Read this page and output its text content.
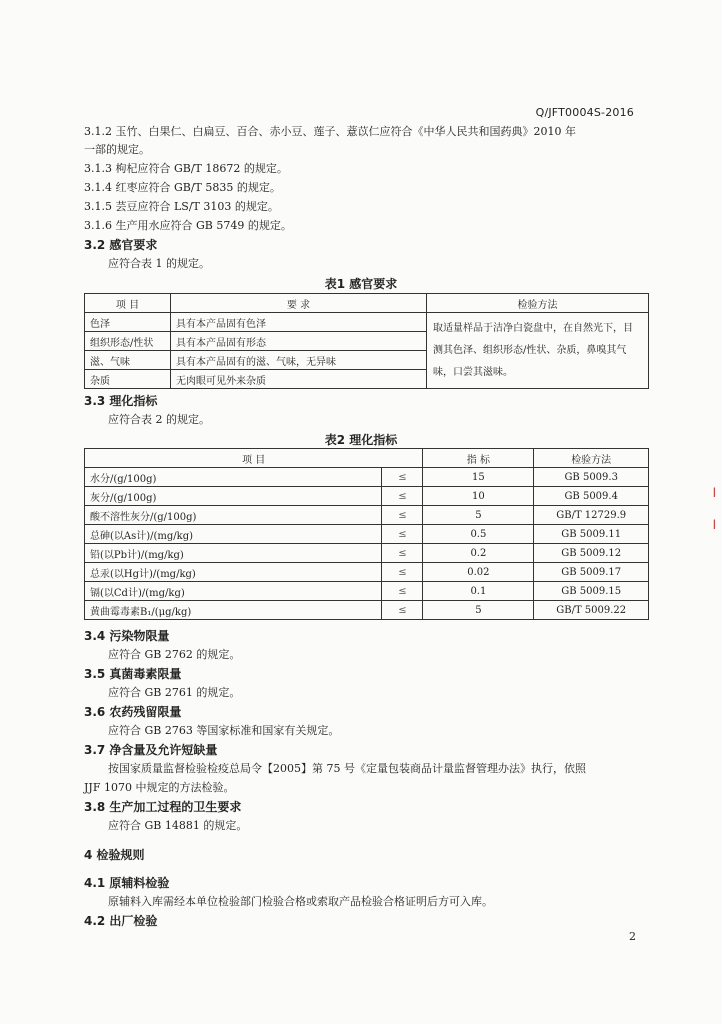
Q/JFT0004S-2016
3.1.2 玉竹、白果仁、白扁豆、百合、赤小豆、莲子、薏苡仁应符合《中华人民共和国药典》2010 年
一部的规定。
3.1.3 枸杞应符合 GB/T 18672 的规定。
3.1.4 红枣应符合 GB/T 5835 的规定。
3.1.5 芸豆应符合 LS/T 3103 的规定。
3.1.6 生产用水应符合 GB 5749 的规定。
3.2 感官要求
应符合表 1 的规定。
表1 感官要求
项 目	要 求	检验方法
色泽	具有本产品固有色泽	取适量样品于洁净白瓷盘中，在自然光下，目测其色泽、组织形态/性状、杂质，鼻嗅其气味，口尝其滋味。
组织形态/性状	具有本产品固有形态	
滋、气味	具有本产品固有的滋、气味，无异味	
杂质	无肉眼可见外来杂质	
3.3 理化指标
应符合表 2 的规定。
表2 理化指标
项 目		指 标	检验方法
水分/(g/100g)	≤	15	GB 5009.3
灰分/(g/100g)	≤	10	GB 5009.4
酸不溶性灰分/(g/100g)	≤	5	GB/T 12729.9
总砷(以As计)/(mg/kg)	≤	0.5	GB 5009.11
铅(以Pb计)/(mg/kg)	≤	0.2	GB 5009.12
总汞(以Hg计)/(mg/kg)	≤	0.02	GB 5009.17
镉(以Cd计)/(mg/kg)	≤	0.1	GB 5009.15
黄曲霉毒素B₁/(μg/kg)	≤	5	GB/T 5009.22
3.4 污染物限量
应符合 GB 2762 的规定。
3.5 真菌毒素限量
应符合 GB 2761 的规定。
3.6 农药残留限量
应符合 GB 2763 等国家标准和国家有关规定。
3.7 净含量及允许短缺量
按国家质量监督检验检疫总局令【2005】第 75 号《定量包装商品计量监督管理办法》执行，依照
JJF 1070 中规定的方法检验。
3.8 生产加工过程的卫生要求
应符合 GB 14881 的规定。
4 检验规则
4.1 原辅料检验
原辅料入库需经本单位检验部门检验合格或索取产品检验合格证明后方可入库。
4.2 出厂检验
2
┃
┃
